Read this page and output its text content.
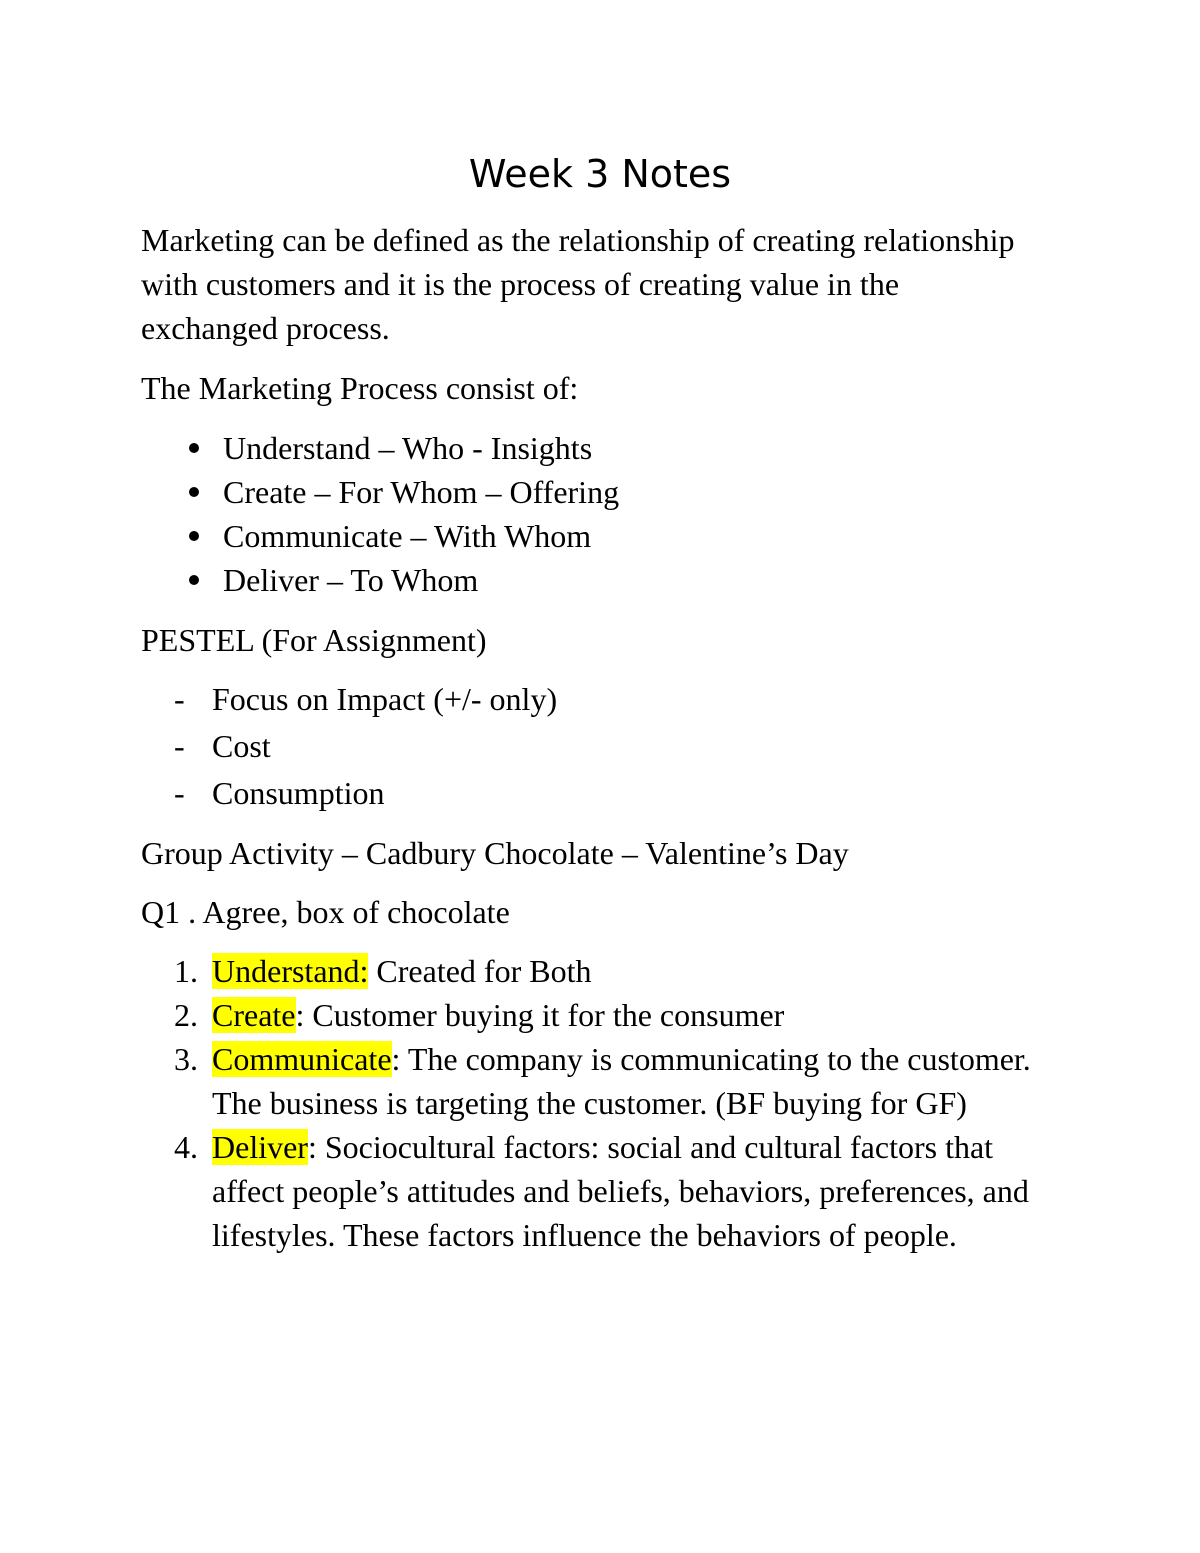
Week 3 Notes

Marketing can be defined as the relationship of creating relationship with customers and it is the process of creating value in the exchanged process.

The Marketing Process consist of:

Understand – Who - Insights
Create – For Whom – Offering
Communicate – With Whom
Deliver – To Whom

PESTEL (For Assignment)

- Focus on Impact (+/- only)
- Cost
- Consumption

Group Activity – Cadbury Chocolate – Valentine’s Day

Q1 . Agree, box of chocolate

1. Understand: Created for Both
2. Create: Customer buying it for the consumer
3. Communicate: The company is communicating to the customer. The business is targeting the customer. (BF buying for GF)
4. Deliver: Sociocultural factors: social and cultural factors that affect people’s attitudes and beliefs, behaviors, preferences, and lifestyles. These factors influence the behaviors of people.
